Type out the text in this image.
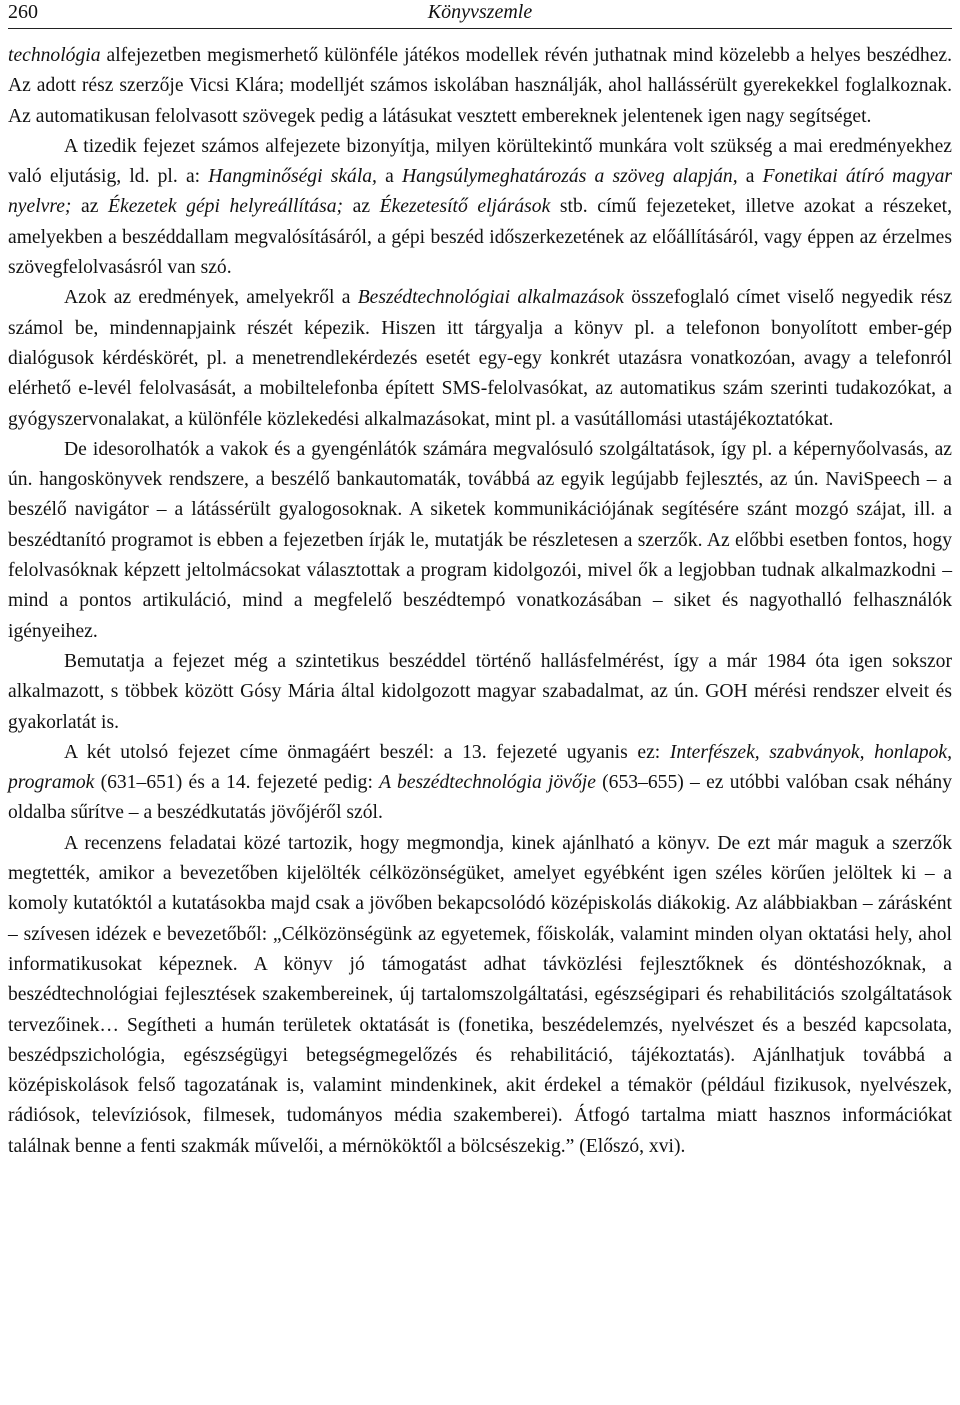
260	Könyvszemle

technológia alfejezetben megismerhető különféle játékos modellek révén juthatnak mind közelebb a helyes beszédhez. Az adott rész szerzője Vicsi Klára; modelljét számos iskolában használják, ahol hallássérült gyerekekkel foglalkoznak. Az automatikusan felolvasott szövegek pedig a látásukat vesztett embereknek jelentenek igen nagy segítséget.

A tizedik fejezet számos alfejezete bizonyítja, milyen körültekintő munkára volt szükség a mai eredményekhez való eljutásig, ld. pl. a: Hangminőségi skála, a Hangsúlymeghatározás a szöveg alapján, a Fonetikai átíró magyar nyelvre; az Ékezetek gépi helyreállítása; az Ékezetesítő eljárások stb. című fejezeteket, illetve azokat a részeket, amelyekben a beszéddallam megvalósításáról, a gépi beszéd időszerkezetének az előállításáról, vagy éppen az érzelmes szövegfelolvasásról van szó.

Azok az eredmények, amelyekről a Beszédtechnológiai alkalmazások összefoglaló címet viselő negyedik rész számol be, mindennapjaink részét képezik. Hiszen itt tárgyalja a könyv pl. a telefonon bonyolított ember-gép dialógusok kérdéskörét, pl. a menetrendlekérdezés esetét egy-egy konkrét utazásra vonatkozóan, avagy a telefonról elérhető e-levél felolvasását, a mobiltelefonba épített SMS-felolvasókat, az automatikus szám szerinti tudakozókat, a gyógyszervonalakat, a különféle közlekedési alkalmazásokat, mint pl. a vasútállomási utastájékoztatókat.

De idesorolhatók a vakok és a gyengénlátók számára megvalósuló szolgáltatások, így pl. a képernyőolvasás, az ún. hangoskönyvek rendszere, a beszélő bankautomaták, továbbá az egyik legújabb fejlesztés, az ún. NaviSpeech – a beszélő navigátor – a látássérült gyalogosoknak. A siketek kommunikációjának segítésére szánt mozgó szájat, ill. a beszédtanító programot is ebben a fejezetben írják le, mutatják be részletesen a szerzők. Az előbbi esetben fontos, hogy felolvasóknak képzett jeltolmácsokat választottak a program kidolgozói, mivel ők a legjobban tudnak alkalmazkodni – mind a pontos artikuláció, mind a megfelelő beszédtempó vonatkozásában – siket és nagyothalló felhasználók igényeihez.

Bemutatja a fejezet még a szintetikus beszéddel történő hallásfelmérést, így a már 1984 óta igen sokszor alkalmazott, s többek között Gósy Mária által kidolgozott magyar szabadalmat, az ún. GOH mérési rendszer elveit és gyakorlatát is.

A két utolsó fejezet címe önmagáért beszél: a 13. fejezeté ugyanis ez: Interfészek, szabványok, honlapok, programok (631–651) és a 14. fejezeté pedig: A beszédtechnológia jövője (653–655) – ez utóbbi valóban csak néhány oldalba sűrítve – a beszédkutatás jövőjéről szól.

A recenzens feladatai közé tartozik, hogy megmondja, kinek ajánlható a könyv. De ezt már maguk a szerzők megtették, amikor a bevezetőben kijelölték célközönségüket, amelyet egyébként igen széles körűen jelöltek ki – a komoly kutatóktól a kutatásokba majd csak a jövőben bekapcsolódó középiskolás diákokig. Az alábbiakban – zárásként – szívesen idézek e bevezetőből: „Célközönségünk az egyetemek, főiskolák, valamint minden olyan oktatási hely, ahol informatikusokat képeznek. A könyv jó támogatást adhat távközlési fejlesztőknek és döntéshozóknak, a beszédtechnológiai fejlesztések szakembereinek, új tartalomszolgáltatási, egészségipari és rehabilitációs szolgáltatások tervezőinek… Segítheti a humán területek oktatását is (fonetika, beszédelemzés, nyelvészet és a beszéd kapcsolata, beszédpszichológia, egészségügyi betegségmegelőzés és rehabilitáció, tájékoztatás). Ajánlhatjuk továbbá a középiskolások felső tagozatának is, valamint mindenkinek, akit érdekel a témakör (például fizikusok, nyelvészek, rádiósok, televíziósok, filmesek, tudományos média szakemberei). Átfogó tartalma miatt hasznos információkat találnak benne a fenti szakmák művelői, a mérnököktől a bölcsészekig.” (Előszó, xvi).
